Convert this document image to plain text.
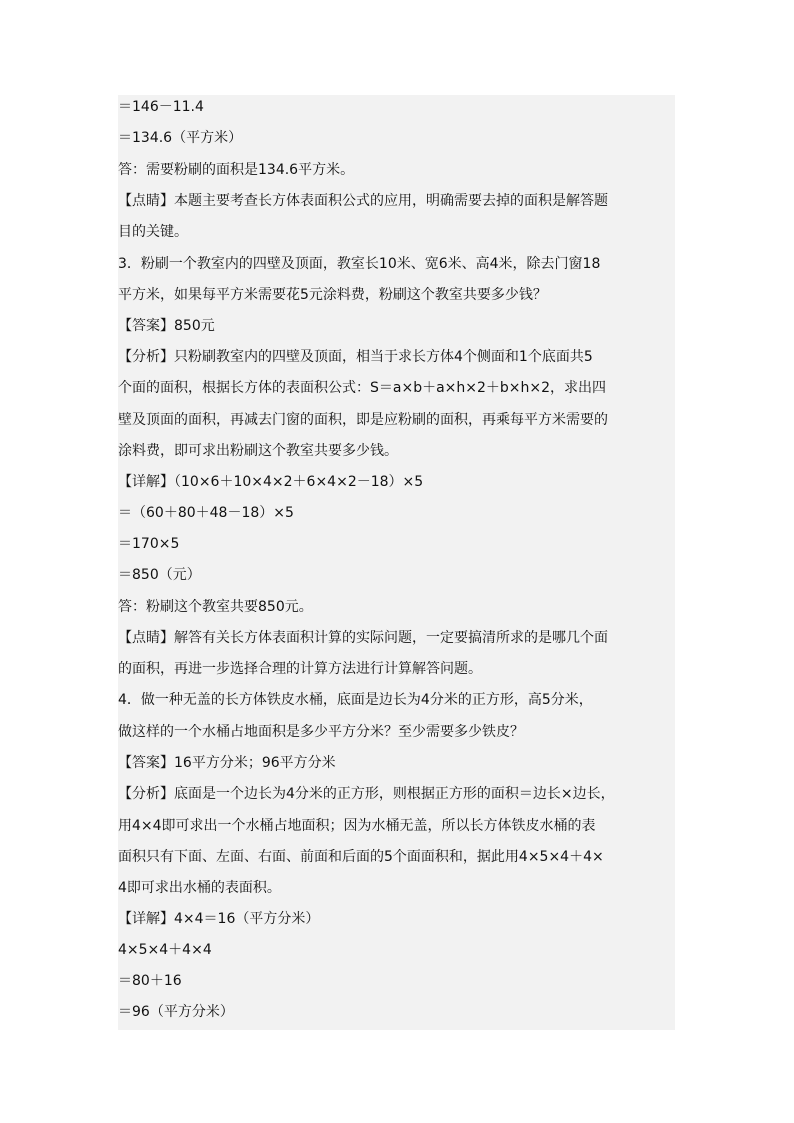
＝146－11.4
＝134.6（平方米）
答：需要粉刷的面积是134.6平方米。
【点睛】本题主要考查长方体表面积公式的应用，明确需要去掉的面积是解答题
目的关键。
3．粉刷一个教室内的四壁及顶面，教室长10米、宽6米、高4米，除去门窗18
平方米，如果每平方米需要花5元涂料费，粉刷这个教室共要多少钱？
【答案】850元
【分析】只粉刷教室内的四壁及顶面，相当于求长方体4个侧面和1个底面共5
个面的面积，根据长方体的表面积公式：S＝a×b＋a×h×2＋b×h×2，求出四
壁及顶面的面积，再减去门窗的面积，即是应粉刷的面积，再乘每平方米需要的
涂料费，即可求出粉刷这个教室共要多少钱。
【详解】（10×6＋10×4×2＋6×4×2－18）×5
＝（60＋80＋48－18）×5
＝170×5
＝850（元）
答：粉刷这个教室共要850元。
【点睛】解答有关长方体表面积计算的实际问题，一定要搞清所求的是哪几个面
的面积，再进一步选择合理的计算方法进行计算解答问题。
4．做一种无盖的长方体铁皮水桶，底面是边长为4分米的正方形，高5分米，
做这样的一个水桶占地面积是多少平方分米？至少需要多少铁皮？
【答案】16平方分米；96平方分米
【分析】底面是一个边长为4分米的正方形，则根据正方形的面积＝边长×边长，
用4×4即可求出一个水桶占地面积；因为水桶无盖，所以长方体铁皮水桶的表
面积只有下面、左面、右面、前面和后面的5个面面积和，据此用4×5×4＋4×
4即可求出水桶的表面积。
【详解】4×4＝16（平方分米）
4×5×4＋4×4
＝80＋16
＝96（平方分米）
